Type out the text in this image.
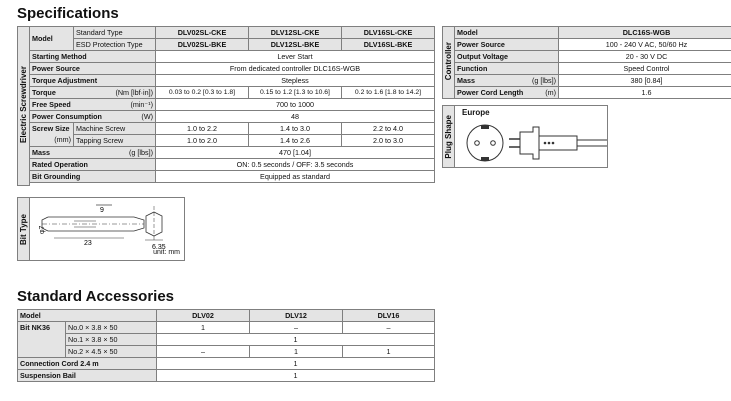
Specifications
Electric Screwdriver	Model	Standard Type	DLV02SL-CKE	DLV12SL-CKE	DLV16SL-CKE
		ESD Protection Type	DLV02SL-BKE	DLV12SL-BKE	DLV16SL-BKE
	Starting Method		Lever Start		
	Power Source		From dedicated controller DLC16S-WGB		
	Torque Adjustment		Stepless		
	Torque (Nm [lbf·in])		0.03 to 0.2 [0.3 to 1.8]	0.15 to 1.2 [1.3 to 10.6]	0.2 to 1.6 [1.8 to 14.2]
	Free Speed (min⁻¹)		700 to 1000		
	Power Consumption (W)		48		

	Screw Size
(mm)	Machine Screw	1.0 to 2.2	1.4 to 3.0	2.2 to 4.0
		Tapping Screw	1.0 to 2.0	1.4 to 2.6	2.0 to 3.0
	Mass (g [lbs])		470 [1.04]		
	Rated Operation		ON: 0.5 seconds / OFF: 3.5 seconds		
	Bit Grounding		Equipped as standard		

Controller	Model	DLC16S-WGB
	Power Source	100 - 240 V AC, 50/60 Hz
	Output Voltage	20 - 30 V DC
	Function	Speed Control
	Mass (g [lbs])	380 [0.84]
	Power Cord Length (m)	1.6
Plug Shape
Europe
Bit Type
9
23
φ7
6.35
unit: mm
Standard Accessories
Model		DLV02	DLV12	DLV16
Bit NK36	No.0 × 3.8 × 50	1	–	–
	No.1 × 3.8 × 50	1		
	No.2 × 4.5 × 50	–	1	1
Connection Cord 2.4 m		1		
Suspension Bail		1		
